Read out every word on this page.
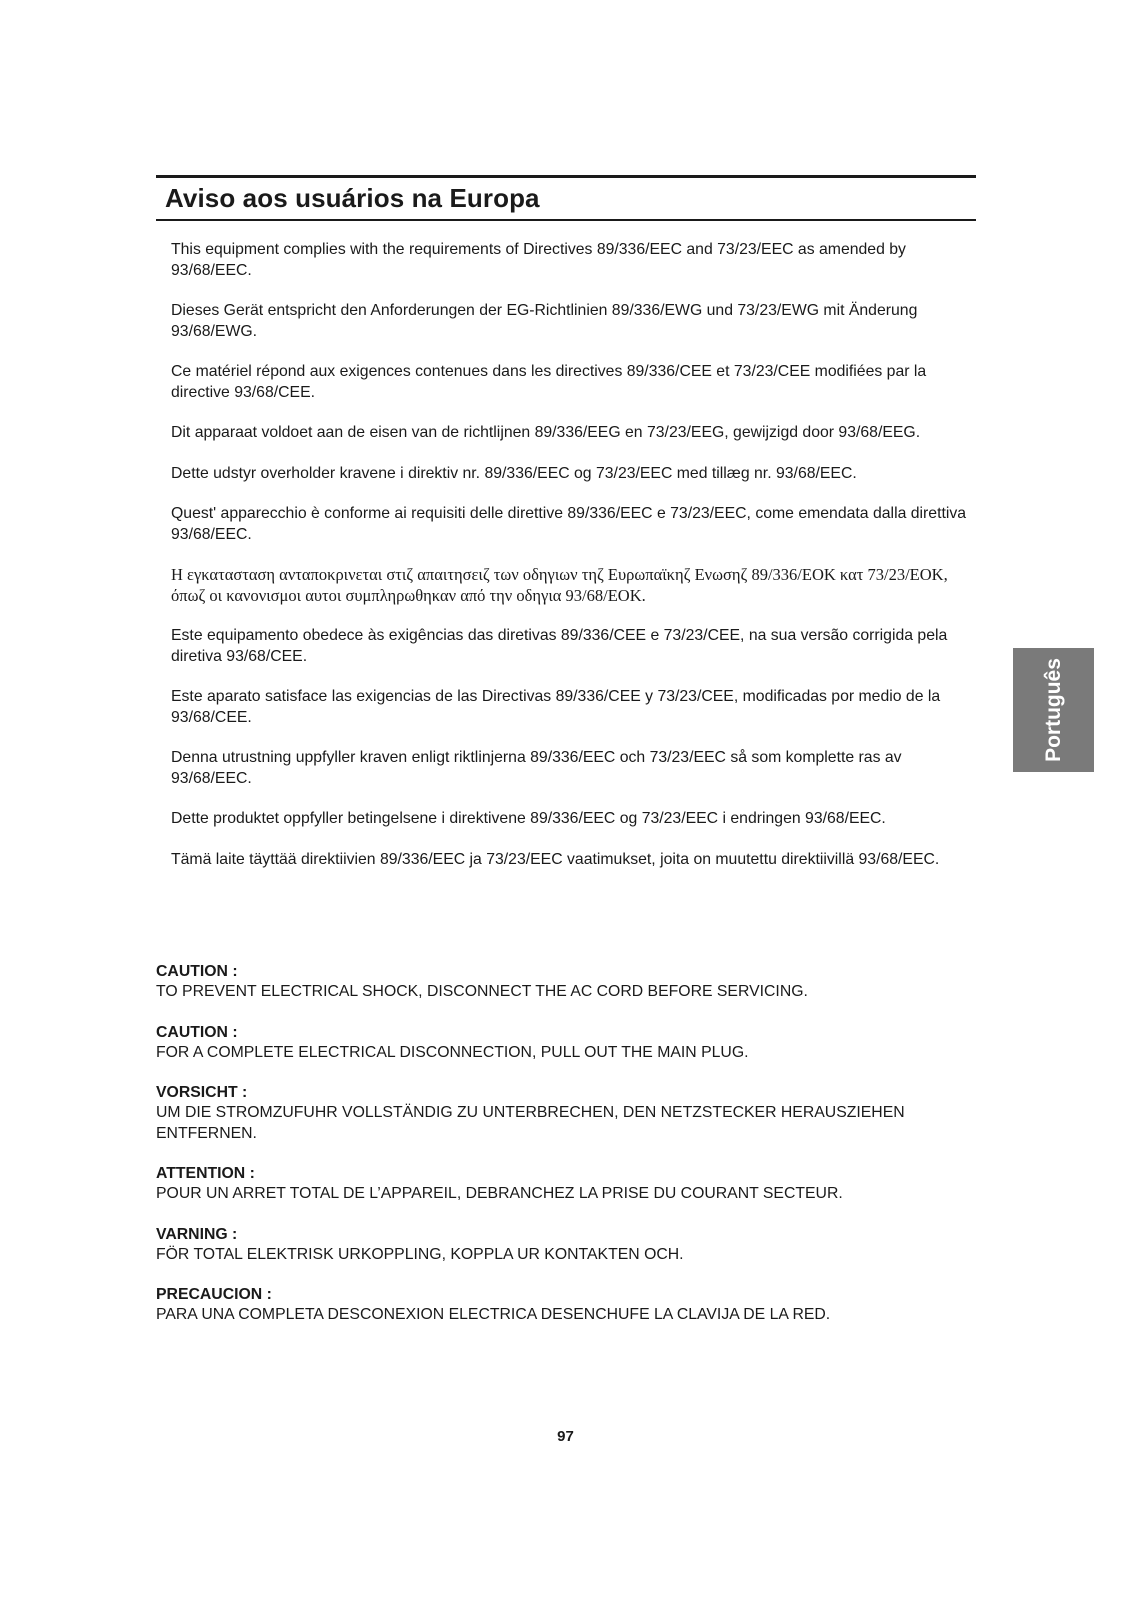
Aviso aos usuários na Europa

This equipment complies with the requirements of Directives 89/336/EEC and 73/23/EEC as amended by 93/68/EEC.

Dieses Gerät entspricht den Anforderungen der EG-Richtlinien 89/336/EWG und 73/23/EWG mit Änderung 93/68/EWG.

Ce matériel répond aux exigences contenues dans les directives 89/336/CEE et 73/23/CEE modifiées par la directive 93/68/CEE.

Dit apparaat voldoet aan de eisen van de richtlijnen 89/336/EEG en 73/23/EEG, gewijzigd door 93/68/EEG.

Dette udstyr overholder kravene i direktiv nr. 89/336/EEC og 73/23/EEC med tillæg nr. 93/68/EEC.

Quest' apparecchio è conforme ai requisiti delle direttive 89/336/EEC e 73/23/EEC, come emendata dalla direttiva 93/68/EEC.

Η εγκατασταση ανταποκρινεται στιζ απαιτησειζ των οδηγιων τηζ Ευρωπαϊκηζ Ενωσηζ 89/336/ΕΟΚ κατ 73/23/ΕΟΚ, όπωζ οι κανονισμοι αυτοι συμπληρωθηκαν από την οδηγια 93/68/ΕΟΚ.

Este equipamento obedece às exigências das diretivas 89/336/CEE e 73/23/CEE, na sua versão corrigida pela diretiva 93/68/CEE.

Este aparato satisface las exigencias de las Directivas 89/336/CEE y 73/23/CEE, modificadas por medio de la 93/68/CEE.

Denna utrustning uppfyller kraven enligt riktlinjerna 89/336/EEC och 73/23/EEC så som komplette ras av 93/68/EEC.

Dette produktet oppfyller betingelsene i direktivene 89/336/EEC og 73/23/EEC i endringen 93/68/EEC.

Tämä laite täyttää direktiivien 89/336/EEC ja 73/23/EEC vaatimukset, joita on muutettu direktiivillä 93/68/EEC.

CAUTION :
TO PREVENT ELECTRICAL SHOCK, DISCONNECT THE AC CORD BEFORE SERVICING.
CAUTION :
FOR A COMPLETE ELECTRICAL DISCONNECTION, PULL OUT THE MAIN PLUG.
VORSICHT :
UM DIE STROMZUFUHR VOLLSTÄNDIG ZU UNTERBRECHEN, DEN NETZSTECKER HERAUSZIEHEN ENTFERNEN.
ATTENTION :
POUR UN ARRET TOTAL DE L’APPAREIL, DEBRANCHEZ LA PRISE DU COURANT SECTEUR.
VARNING :
FÖR TOTAL ELEKTRISK URKOPPLING, KOPPLA UR KONTAKTEN OCH.
PRECAUCION :
PARA UNA COMPLETA DESCONEXION ELECTRICA DESENCHUFE LA CLAVIJA DE LA RED.
Português
97
